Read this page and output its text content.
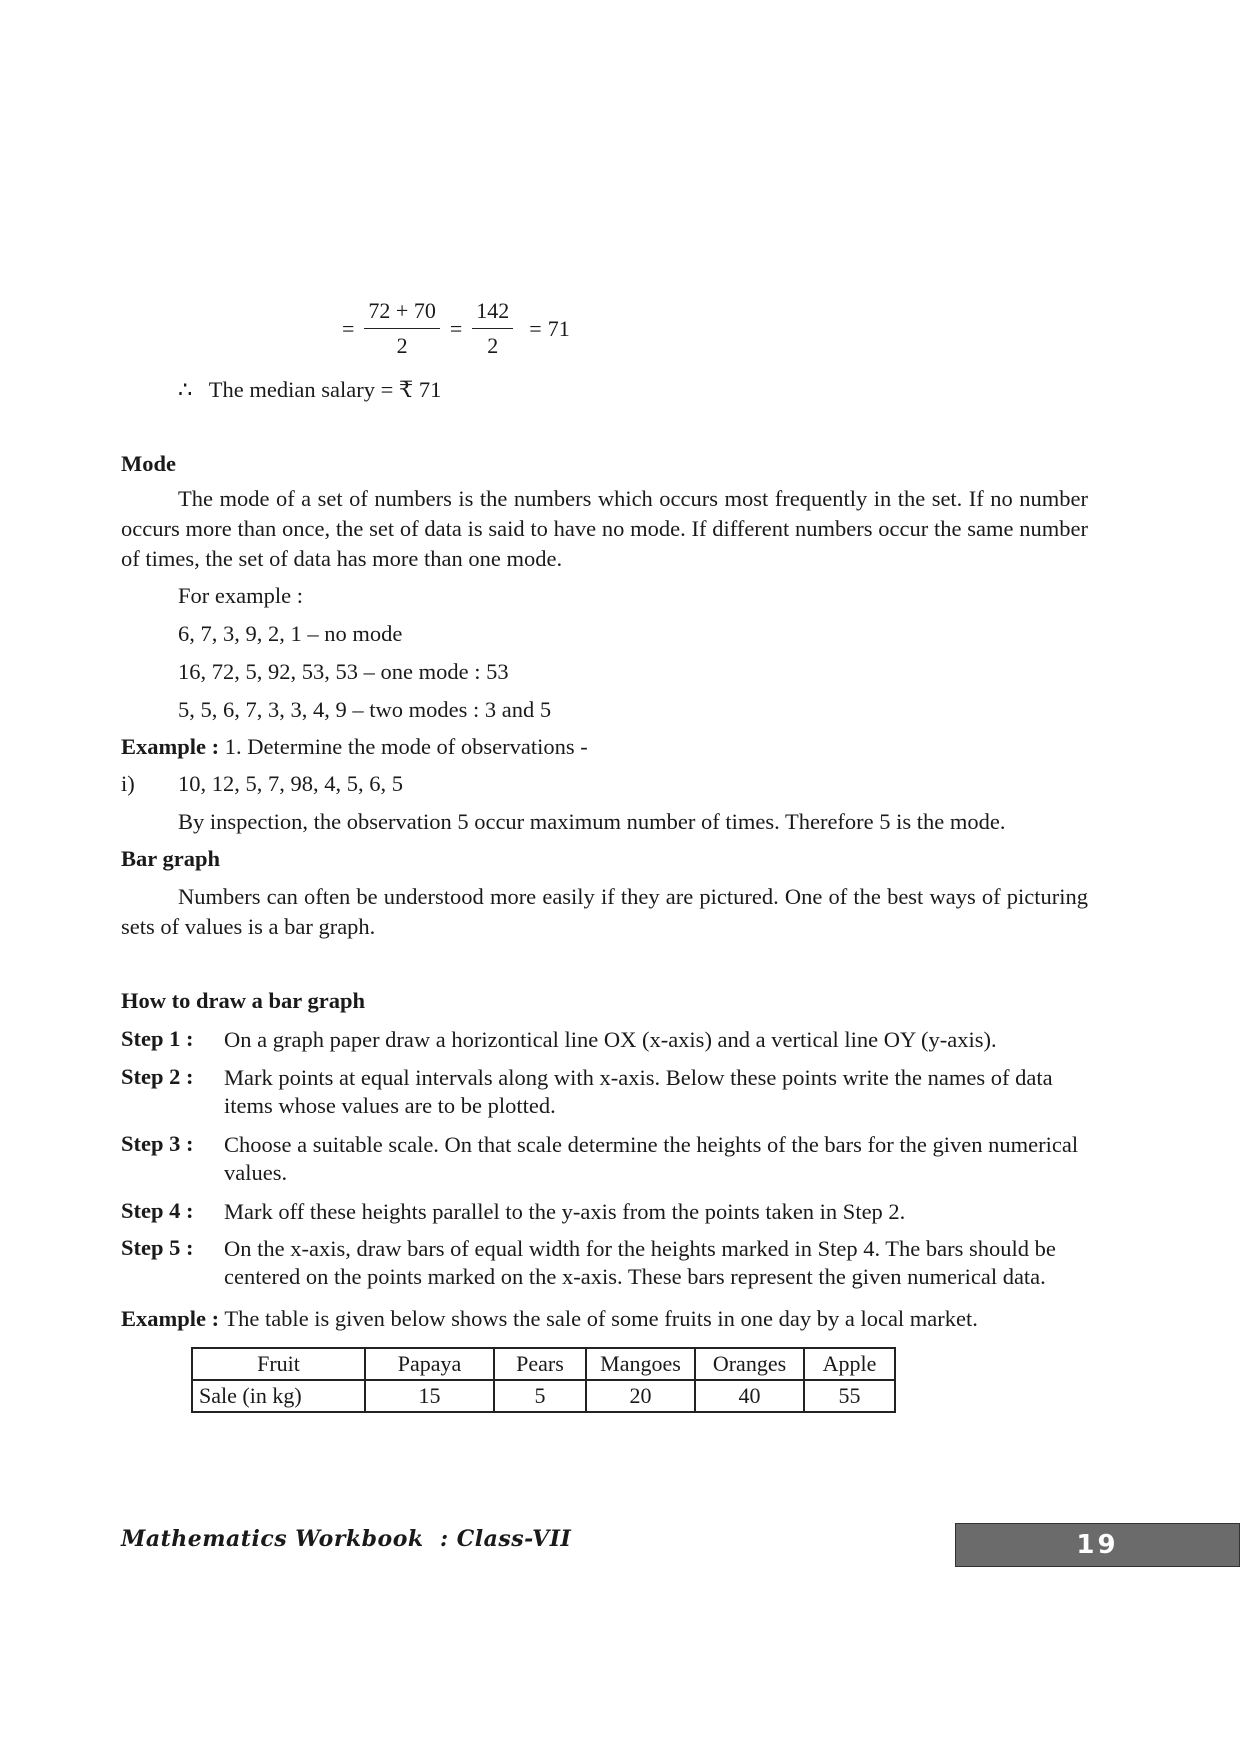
= $\frac{72 + 70}{2} = \frac{142}{2} = 71$
∴   The median salary = ₹ 71
Mode
The mode of a set of numbers is the numbers which occurs most frequently in the set. If no number occurs more than once, the set of data is said to have no mode. If different numbers occur the same number of times, the set of data has more than one mode.
For example :
6, 7, 3, 9, 2, 1 – no mode
16, 72, 5, 92, 53, 53 – one mode : 53
5, 5, 6, 7, 3, 3, 4, 9 – two modes : 3 and 5
Example : 1. Determine the mode of observations -
i) 10, 12, 5, 7, 98, 4, 5, 6, 5
By inspection, the observation 5 occur maximum number of times. Therefore 5 is the mode.
Bar graph
Numbers can often be understood more easily if they are pictured. One of the best ways of picturing sets of values is a bar graph.
How to draw a bar graph
Step 1 : On a graph paper draw a horizontical line OX (x-axis) and a vertical line OY (y-axis).
Step 2 : Mark points at equal intervals along with x-axis. Below these points write the names of data items whose values are to be plotted.
Step 3 : Choose a suitable scale. On that scale determine the heights of the bars for the given numerical values.
Step 4 : Mark off these heights parallel to the y-axis from the points taken in Step 2.
Step 5 : On the x-axis, draw bars of equal width for the heights marked in Step 4. The bars should be centered on the points marked on the x-axis. These bars represent the given numerical data.
Example : The table is given below shows the sale of some fruits in one day by a local market.
Fruit	Papaya	Pears	Mangoes	Oranges	Apple
Sale (in kg)	15	5	20	40	55
Mathematics Workbook  : Class-VII	19
